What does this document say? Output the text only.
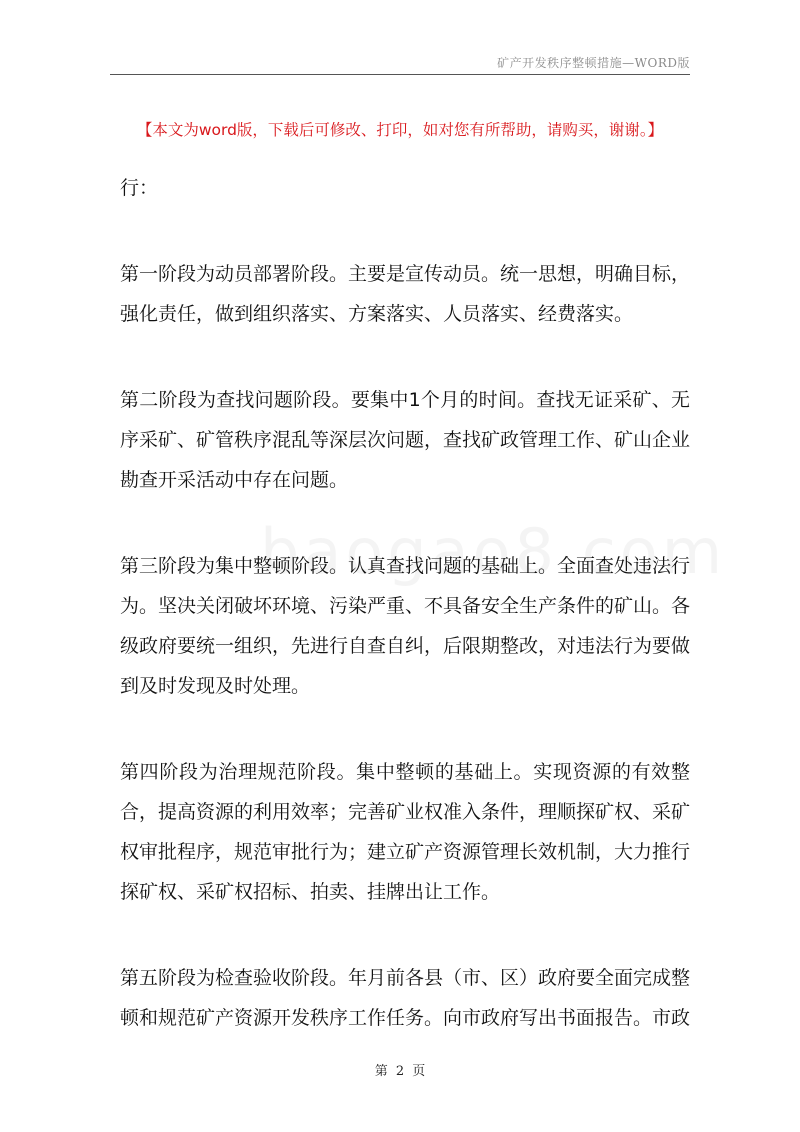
矿产开发秩序整顿措施—WORD版
【本文为word版，下载后可修改、打印，如对您有所帮助，请购买，谢谢。】

行：

第一阶段为动员部署阶段。主要是宣传动员。统一思想，明确目标，强化责任，做到组织落实、方案落实、人员落实、经费落实。

第二阶段为查找问题阶段。要集中1个月的时间。查找无证采矿、无序采矿、矿管秩序混乱等深层次问题，查找矿政管理工作、矿山企业勘查开采活动中存在问题。

第三阶段为集中整顿阶段。认真查找问题的基础上。全面查处违法行为。坚决关闭破坏环境、污染严重、不具备安全生产条件的矿山。各级政府要统一组织，先进行自查自纠，后限期整改，对违法行为要做到及时发现及时处理。

第四阶段为治理规范阶段。集中整顿的基础上。实现资源的有效整合，提高资源的利用效率；完善矿业权准入条件，理顺探矿权、采矿权审批程序，规范审批行为；建立矿产资源管理长效机制，大力推行探矿权、采矿权招标、拍卖、挂牌出让工作。

第五阶段为检查验收阶段。年月前各县（市、区）政府要全面完成整顿和规范矿产资源开发秩序工作任务。向市政府写出书面报告。市政

第 2 页
